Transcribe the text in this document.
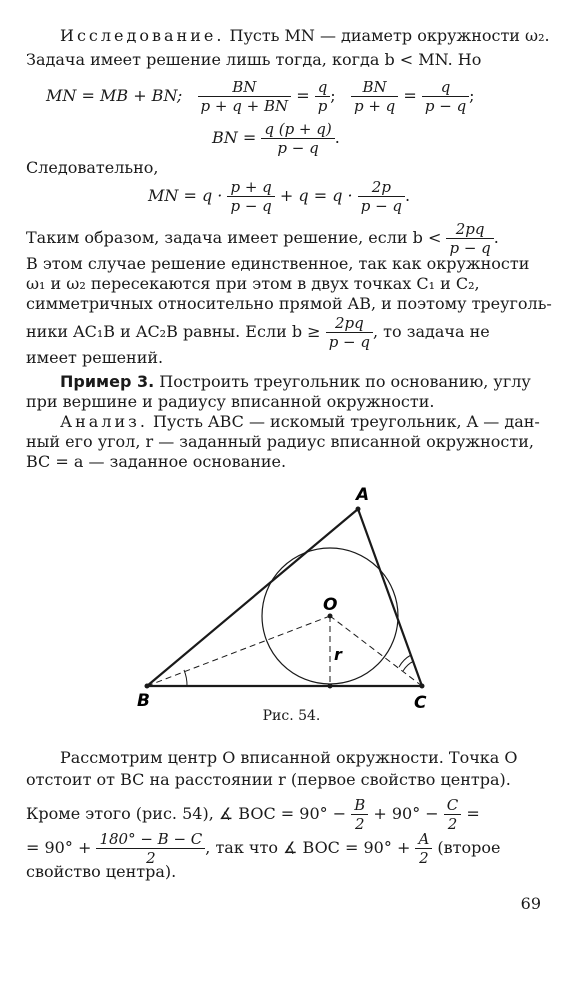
Исследование. Пусть MN — диаметр окружности ω₂.
Задача имеет решение лишь тогда, когда b < MN. Но
MN = MB + BN; $\frac{BN}{p + q + BN} = \frac{q}{p}$ ; $\frac{BN}{p + q} = \frac{q}{p - q}$ ;
BN = $\frac{q (p + q)}{p - q}$ .
Следовательно,
MN = $q \cdot \frac{p + q}{p - q} + q = q \cdot \frac{2p}{p - q}$ .
Таким образом, задача имеет решение, если $b < \frac{2pq}{p - q}$ .
В этом случае решение единственное, так как окружности
ω₁ и ω₂ пересекаются при этом в двух точках C₁ и C₂,
симметричных относительно прямой AB, и поэтому треуголь-
ники AC₁B и AC₂B равны. Если $b \ge \frac{2pq}{p - q}$ , то задача не
имеет решений.
Пример 3. Построить треугольник по основанию, углу
при вершине и радиусу вписанной окружности.
Анализ. Пусть ABC — искомый треугольник, A — дан-
ный его угол, r — заданный радиус вписанной окружности,
BC = a — заданное основание.
A
B	C
O
r
Рис. 54.
Рассмотрим центр O вписанной окружности. Точка O
отстоит от BC на расстоянии r (первое свойство центра).
Кроме этого (рис. 54), ∡ BOC = $90^\circ - \frac{B}{2} + 90^\circ - \frac{C}{2}$ =
= $90^\circ + \frac{180^\circ - B - C}{2}$ , так что ∡ BOC = $90^\circ + \frac{A}{2}$ (второе
свойство центра).
69
